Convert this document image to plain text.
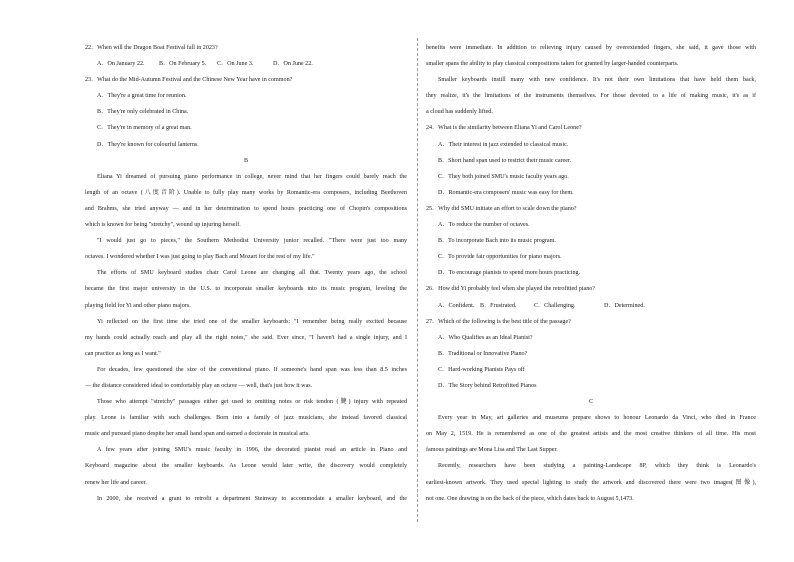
22．When will the Dragon Boat Festival fall in 2023?
A．On January 22.	B．On February 5.	C．On June 3.	D．On June 22.
23．What do the Mid-Autumn Festival and the Chinese New Year have in common?
A．They're a great time for reunion.
B．They're only celebrated in China.
C．They're in memory of a great man.
D．They're known for colourful lanterns.
B
Eliana Yi dreamed of pursuing piano performance in college, never mind that her fingers could barely reach the
length of an octave (八度音阶). Unable to fully play many works by Romantic-era composers, including Beethoven
and Brahms, she tried anyway — and in her determination to spend hours practicing one of Chopin's compositions
which is known for being "stretchy", wound up injuring herself.
"I would just go to pieces," the Southern Methodist University junior recalled. "There were just too many
octaves. I wondered whether I was just going to play Bach and Mozart for the rest of my life."
The efforts of SMU keyboard studies chair Carol Leone are changing all that. Twenty years ago, the school
became the first major university in the U.S. to incorporate smaller keyboards into its music program, leveling the
playing field for Yi and other piano majors.
Yi reflected on the first time she tried one of the smaller keyboards: "I remember being really excited because
my hands could actually reach and play all the right notes," she said. Ever since, "I haven't had a single injury, and I
can practice as long as I want."
For decades, few questioned the size of the conventional piano. If someone's hand span was less than 8.5 inches
— the distance considered ideal to comfortably play an octave — well, that's just how it was.
Those who attempt "stretchy" passages either get used to omitting notes or risk tendon (腱) injury with repeated
play. Leone is familiar with such challenges. Born into a family of jazz musicians, she instead favored classical
music and pursued piano despite her small hand span and earned a doctorate in musical arts.
A few years after joining SMU's music faculty in 1996, the decorated pianist read an article in Piano and
Keyboard magazine about the smaller keyboards. As Leone would later write, the discovery would completely
renew her life and career.
In 2000, she received a grant to retrofit a department Steinway to accommodate a smaller keyboard, and the
benefits were immediate. In addition to relieving injury caused by overextended fingers, she said, it gave those with
smaller spans the ability to play classical compositions taken for granted by larger-handed counterparts.
Smaller keyboards instill many with new confidence. It's not their own limitations that have held them back,
they realize, it's the limitations of the instruments themselves. For those devoted to a life of making music, it's as if
a cloud has suddenly lifted.
24．What is the similarity between Eliana Yi and Carol Leone?
A．Their interest in jazz extended to classical music.
B．Short hand span used to restrict their music career.
C．They both joined SMU's music faculty years ago.
D．Romantic-era composers' music was easy for them.
25．Why did SMU initiate an effort to scale down the piano?
A．To reduce the number of octaves.
B．To incorporate Bach into its music program.
C．To provide fair opportunities for piano majors.
D．To encourage pianists to spend more hours practicing.
26．How did Yi probably feel when she played the retrofitted piano?
A．Confident. B．Frustrated.	C．Challenging.	D．Determined.
27．Which of the following is the best title of the passage?
A．Who Qualifies as an Ideal Pianist?
B．Traditional or Innovative Piano?
C．Hard-working Pianists Pays off
D．The Story behind Retrofitted Pianos
C
Every year in May, art galleries and museums prepare shows to honour Leonardo da Vinci, who died in France
on May 2, 1519. He is remembered as one of the greatest artists and the most creative thinkers of all time. His most
famous paintings are Mona Lisa and The Last Supper.
Recently, researchers have been studying a painting-Landscape 8P, which they think is Leonardo's
earliest-known artwork. They used special lighting to study the artwork and discovered there were two images(图像),
not one. One drawing is on the back of the piece, which dates back to August 5,1473.
